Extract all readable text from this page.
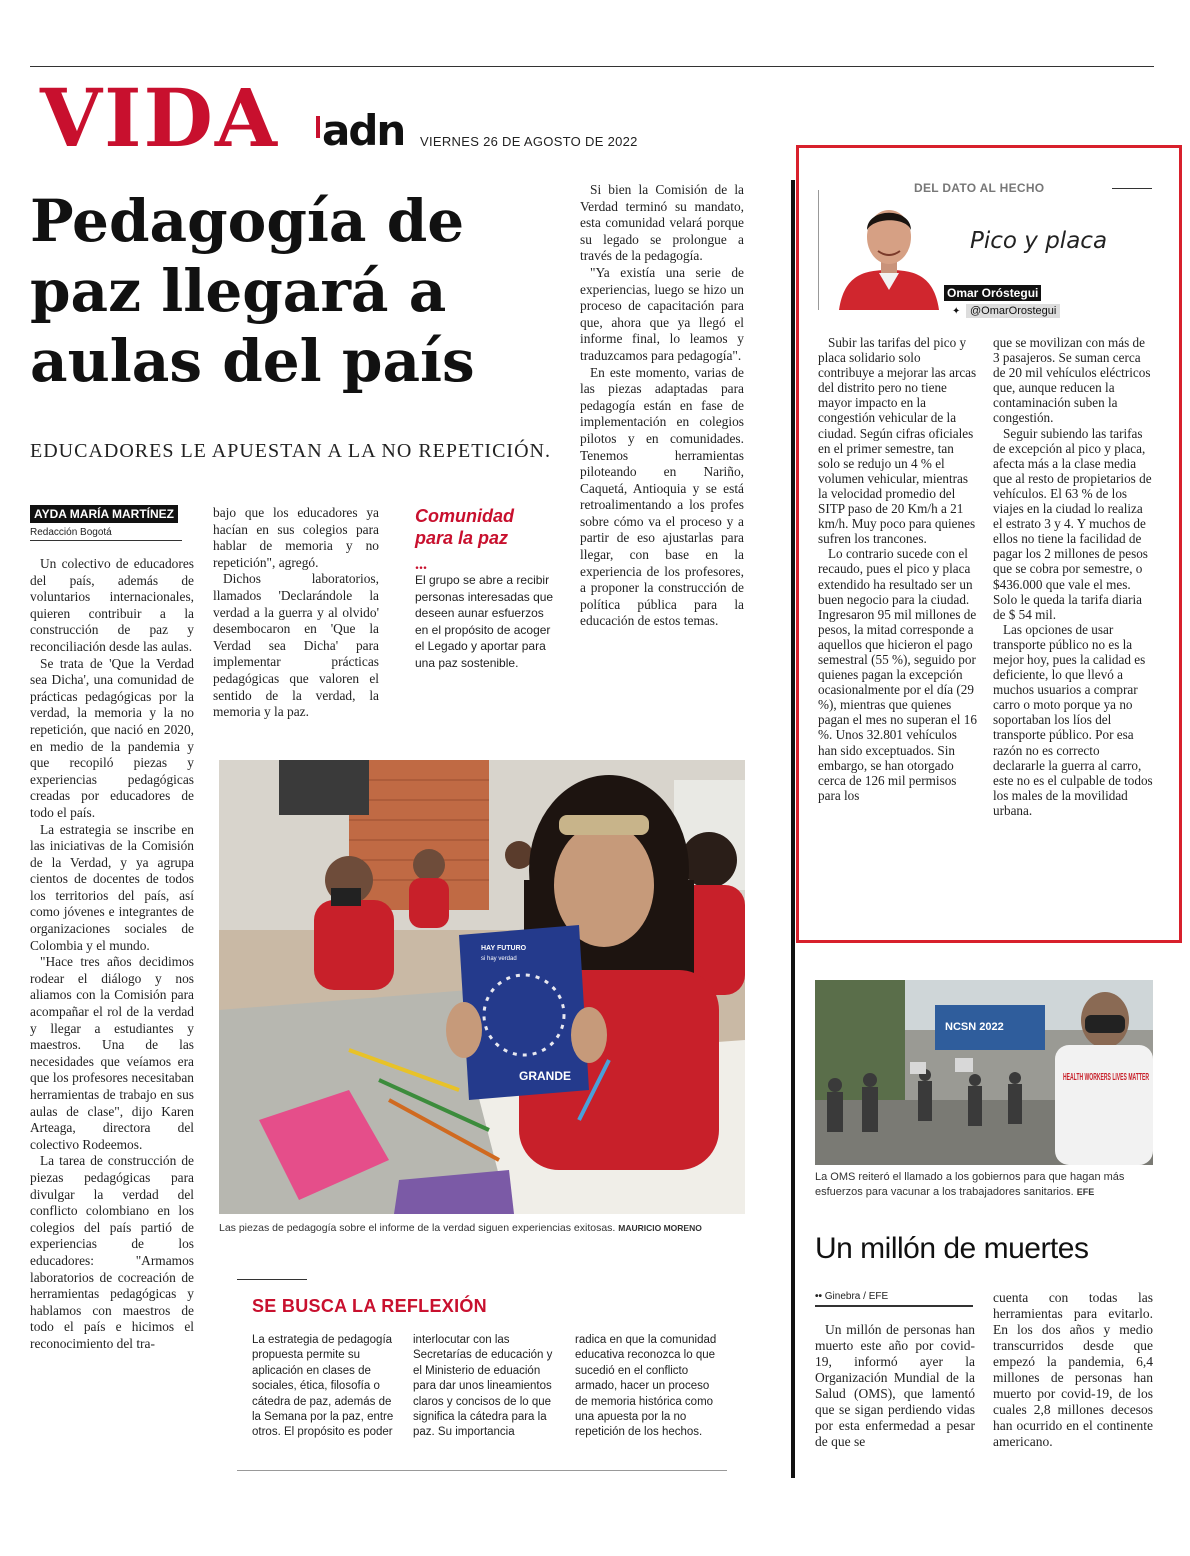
VIDA adn VIERNES 26 DE AGOSTO DE 2022
Pedagogía de paz llegará a aulas del país
EDUCADORES LE APUESTAN A LA NO REPETICIÓN.
AYDA MARÍA MARTÍNEZ
Redacción Bogotá

Un colectivo de educadores del país, además de voluntarios internacionales, quieren contribuir a la construcción de paz y reconciliación desde las aulas.

Se trata de 'Que la Verdad sea Dicha', una comunidad de prácticas pedagógicas por la verdad, la memoria y la no repetición, que nació en 2020, en medio de la pandemia y que recopiló piezas y experiencias pedagógicas creadas por educadores de todo el país.

La estrategia se inscribe en las iniciativas de la Comisión de la Verdad, y ya agrupa cientos de docentes de todos los territorios del país, así como jóvenes e integrantes de organizaciones sociales de Colombia y el mundo.

"Hace tres años decidimos rodear el diálogo y nos aliamos con la Comisión para acompañar el rol de la verdad y llegar a estudiantes y maestros. Una de las necesidades que veíamos era que los profesores necesitaban herramientas de trabajo en sus aulas de clase", dijo Karen Arteaga, directora del colectivo Rodeemos.

La tarea de construcción de piezas pedagógicas para divulgar la verdad del conflicto colombiano en los colegios del país partió de experiencias de los educadores: "Armamos laboratorios de cocreación de herramientas pedagógicas y hablamos con maestros de todo el país e hicimos el reconocimiento del tra-

bajo que los educadores ya hacían en sus colegios para hablar de memoria y no repetición", agregó.

Dichos laboratorios, llamados 'Declarándole la verdad a la guerra y al olvido' desembocaron en 'Que la Verdad sea Dicha' para implementar prácticas pedagógicas que valoren el sentido de la verdad, la memoria y la paz.

Comunidad para la paz
...
El grupo se abre a recibir personas interesadas que deseen aunar esfuerzos en el propósito de acoger el Legado y aportar para una paz sostenible.

Si bien la Comisión de la Verdad terminó su mandato, esta comunidad velará porque su legado se prolongue a través de la pedagogía.

"Ya existía una serie de experiencias, luego se hizo un proceso de capacitación para que, ahora que ya llegó el informe final, lo leamos y traduzcamos para pedagogía".

En este momento, varias de las piezas adaptadas para pedagogía están en fase de implementación en colegios pilotos y en comunidades. Tenemos herramientas piloteando en Nariño, Caquetá, Antioquia y se está retroalimentando a los profes sobre cómo va el proceso y a partir de eso ajustarlas para llegar, con base en la experiencia de los profesores, a proponer la construcción de política pública para la educación de estos temas.

HAY FUTURO
si hay verdad
GRANDE
Las piezas de pedagogía sobre el informe de la verdad siguen experiencias exitosas. MAURICIO MORENO
SE BUSCA LA REFLEXIÓN
La estrategia de pedagogía propuesta permite su aplicación en clases de sociales, ética, filosofía o cátedra de paz, además de la Semana por la paz, entre otros. El propósito es poder
interlocutar con las Secretarías de educación y el Ministerio de eduación para dar unos lineamientos claros y concisos de lo que significa la cátedra para la paz. Su importancia
radica en que la comunidad educativa reconozca lo que sucedió en el conflicto armado, hacer un proceso de memoria histórica como una apuesta por la no repetición de los hechos.
DEL DATO AL HECHO
Pico y placa
Omar Oróstegui
✦ @OmarOrostegui

Subir las tarifas del pico y placa solidario solo contribuye a mejorar las arcas del distrito pero no tiene mayor impacto en la congestión vehicular de la ciudad. Según cifras oficiales en el primer semestre, tan solo se redujo un 4 % el volumen vehicular, mientras la velocidad promedio del SITP paso de 20 Km/h a 21 km/h. Muy poco para quienes sufren los trancones.

Lo contrario sucede con el recaudo, pues el pico y placa extendido ha resultado ser un buen negocio para la ciudad. Ingresaron 95 mil millones de pesos, la mitad corresponde a aquellos que hicieron el pago semestral (55 %), seguido por quienes pagan la excepción ocasionalmente por el día (29 %), mientras que quienes pagan el mes no superan el 16 %. Unos 32.801 vehículos han sido exceptuados. Sin embargo, se han otorgado cerca de 126 mil permisos para los

que se movilizan con más de 3 pasajeros. Se suman cerca de 20 mil vehículos eléctricos que, aunque reducen la contaminación suben la congestión.

Seguir subiendo las tarifas de excepción al pico y placa, afecta más a la clase media que al resto de propietarios de vehículos. El 63 % de los viajes en la ciudad lo realiza el estrato 3 y 4. Y muchos de ellos no tiene la facilidad de pagar los 2 millones de pesos que se cobra por semestre, o $436.000 que vale el mes. Solo le queda la tarifa diaria de $ 54 mil.

Las opciones de usar transporte público no es la mejor hoy, pues la calidad es deficiente, lo que llevó a muchos usuarios a comprar carro o moto porque ya no soportaban los líos del transporte público. Por esa razón no es correcto declararle la guerra al carro, este no es el culpable de todos los males de la movilidad urbana.

NCSN 2022
HEALTH WORKERS LIVES MATTER
La OMS reiteró el llamado a los gobiernos para que hagan más esfuerzos para vacunar a los trabajadores sanitarios. EFE
Un millón de muertes
•• Ginebra / EFE

Un millón de personas han muerto este año por covid-19, informó ayer la Organización Mundial de la Salud (OMS), que lamentó que se sigan perdiendo vidas por esta enfermedad a pesar de que se

cuenta con todas las herramientas para evitarlo. En los dos años y medio transcurridos desde que empezó la pandemia, 6,4 millones de personas han muerto por covid-19, de los cuales 2,8 millones decesos han ocurrido en el continente americano.
